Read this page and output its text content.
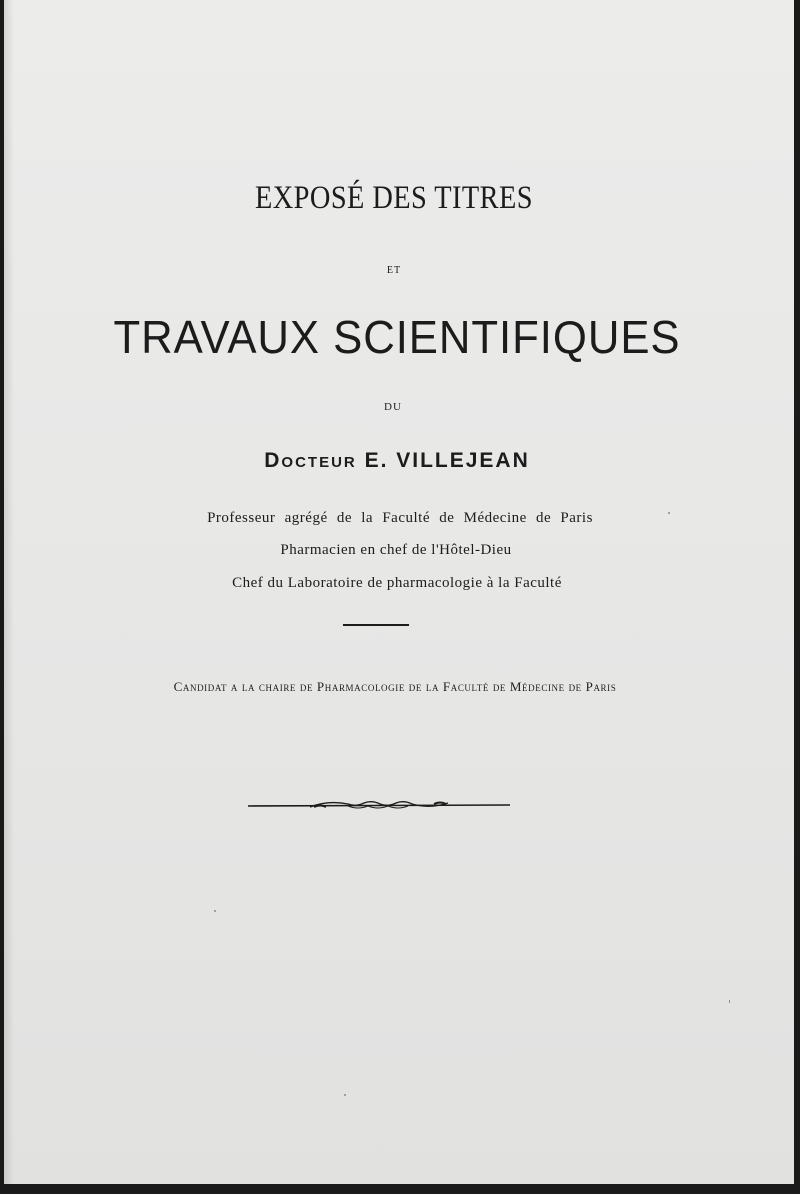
EXPOSÉ DES TITRES
ET
TRAVAUX SCIENTIFIQUES
DU
Docteur E. VILLEJEAN
Professeur agrégé de la Faculté de Médecine de Paris
Pharmacien en chef de l'Hôtel-Dieu
Chef du Laboratoire de pharmacologie à la Faculté
Candidat a la chaire de Pharmacologie de la Faculté de Médecine de Paris
